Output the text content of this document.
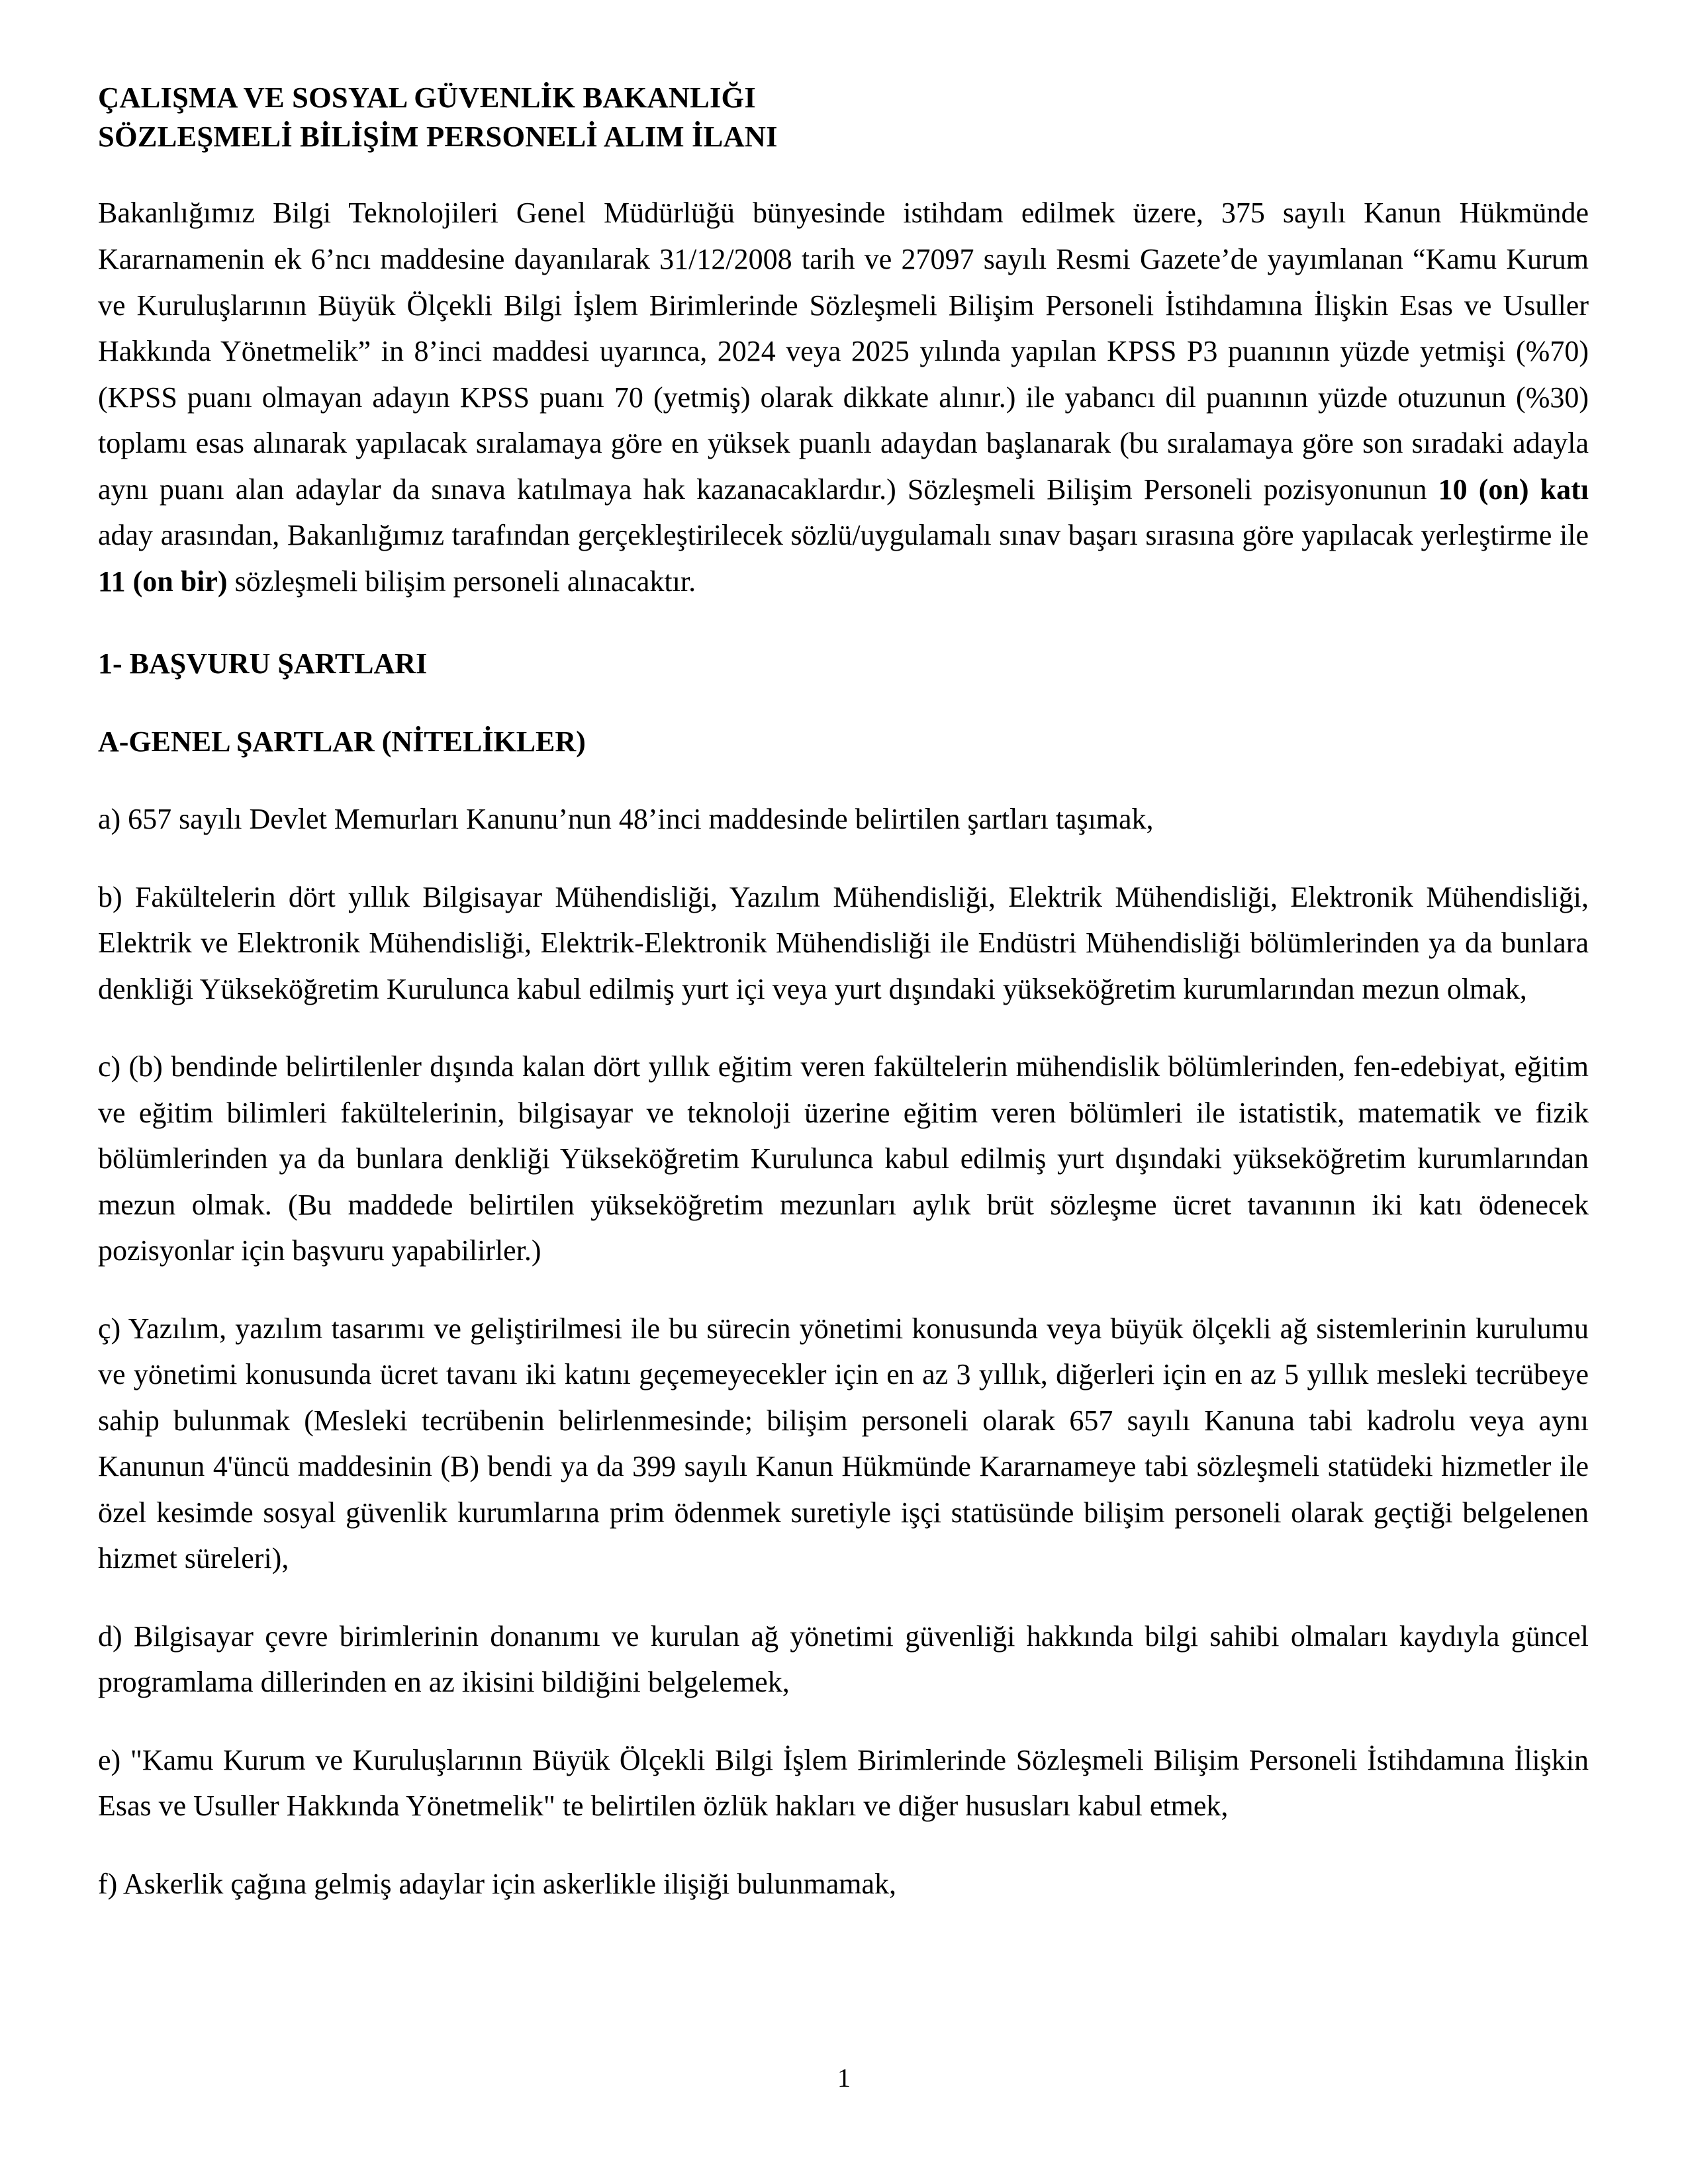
ÇALIŞMA VE SOSYAL GÜVENLİK BAKANLIĞI
SÖZLEŞMELİ BİLİŞİM PERSONELİ ALIM İLANI

Bakanlığımız Bilgi Teknolojileri Genel Müdürlüğü bünyesinde istihdam edilmek üzere, 375 sayılı Kanun Hükmünde Kararnamenin ek 6’ncı maddesine dayanılarak 31/12/2008 tarih ve 27097 sayılı Resmi Gazete’de yayımlanan “Kamu Kurum ve Kuruluşlarının Büyük Ölçekli Bilgi İşlem Birimlerinde Sözleşmeli Bilişim Personeli İstihdamına İlişkin Esas ve Usuller Hakkında Yönetmelik” in 8’inci maddesi uyarınca, 2024 veya 2025 yılında yapılan KPSS P3 puanının yüzde yetmişi (%70) (KPSS puanı olmayan adayın KPSS puanı 70 (yetmiş) olarak dikkate alınır.) ile yabancı dil puanının yüzde otuzunun (%30) toplamı esas alınarak yapılacak sıralamaya göre en yüksek puanlı adaydan başlanarak (bu sıralamaya göre son sıradaki adayla aynı puanı alan adaylar da sınava katılmaya hak kazanacaklardır.) Sözleşmeli Bilişim Personeli pozisyonunun 10 (on) katı aday arasından, Bakanlığımız tarafından gerçekleştirilecek sözlü/uygulamalı sınav başarı sırasına göre yapılacak yerleştirme ile 11 (on bir) sözleşmeli bilişim personeli alınacaktır.

1- BAŞVURU ŞARTLARI

A-GENEL ŞARTLAR (NİTELİKLER)

a) 657 sayılı Devlet Memurları Kanunu’nun 48’inci maddesinde belirtilen şartları taşımak,

b) Fakültelerin dört yıllık Bilgisayar Mühendisliği, Yazılım Mühendisliği, Elektrik Mühendisliği, Elektronik Mühendisliği, Elektrik ve Elektronik Mühendisliği, Elektrik-Elektronik Mühendisliği ile Endüstri Mühendisliği bölümlerinden ya da bunlara denkliği Yükseköğretim Kurulunca kabul edilmiş yurt içi veya yurt dışındaki yükseköğretim kurumlarından mezun olmak,

c) (b) bendinde belirtilenler dışında kalan dört yıllık eğitim veren fakültelerin mühendislik bölümlerinden, fen-edebiyat, eğitim ve eğitim bilimleri fakültelerinin, bilgisayar ve teknoloji üzerine eğitim veren bölümleri ile istatistik, matematik ve fizik bölümlerinden ya da bunlara denkliği Yükseköğretim Kurulunca kabul edilmiş yurt dışındaki yükseköğretim kurumlarından mezun olmak. (Bu maddede belirtilen yükseköğretim mezunları aylık brüt sözleşme ücret tavanının iki katı ödenecek pozisyonlar için başvuru yapabilirler.)

ç) Yazılım, yazılım tasarımı ve geliştirilmesi ile bu sürecin yönetimi konusunda veya büyük ölçekli ağ sistemlerinin kurulumu ve yönetimi konusunda ücret tavanı iki katını geçemeyecekler için en az 3 yıllık, diğerleri için en az 5 yıllık mesleki tecrübeye sahip bulunmak (Mesleki tecrübenin belirlenmesinde; bilişim personeli olarak 657 sayılı Kanuna tabi kadrolu veya aynı Kanunun 4'üncü maddesinin (B) bendi ya da 399 sayılı Kanun Hükmünde Kararnameye tabi sözleşmeli statüdeki hizmetler ile özel kesimde sosyal güvenlik kurumlarına prim ödenmek suretiyle işçi statüsünde bilişim personeli olarak geçtiği belgelenen hizmet süreleri),

d) Bilgisayar çevre birimlerinin donanımı ve kurulan ağ yönetimi güvenliği hakkında bilgi sahibi olmaları kaydıyla güncel programlama dillerinden en az ikisini bildiğini belgelemek,

e) "Kamu Kurum ve Kuruluşlarının Büyük Ölçekli Bilgi İşlem Birimlerinde Sözleşmeli Bilişim Personeli İstihdamına İlişkin Esas ve Usuller Hakkında Yönetmelik" te belirtilen özlük hakları ve diğer hususları kabul etmek,

f) Askerlik çağına gelmiş adaylar için askerlikle ilişiği bulunmamak,

1
